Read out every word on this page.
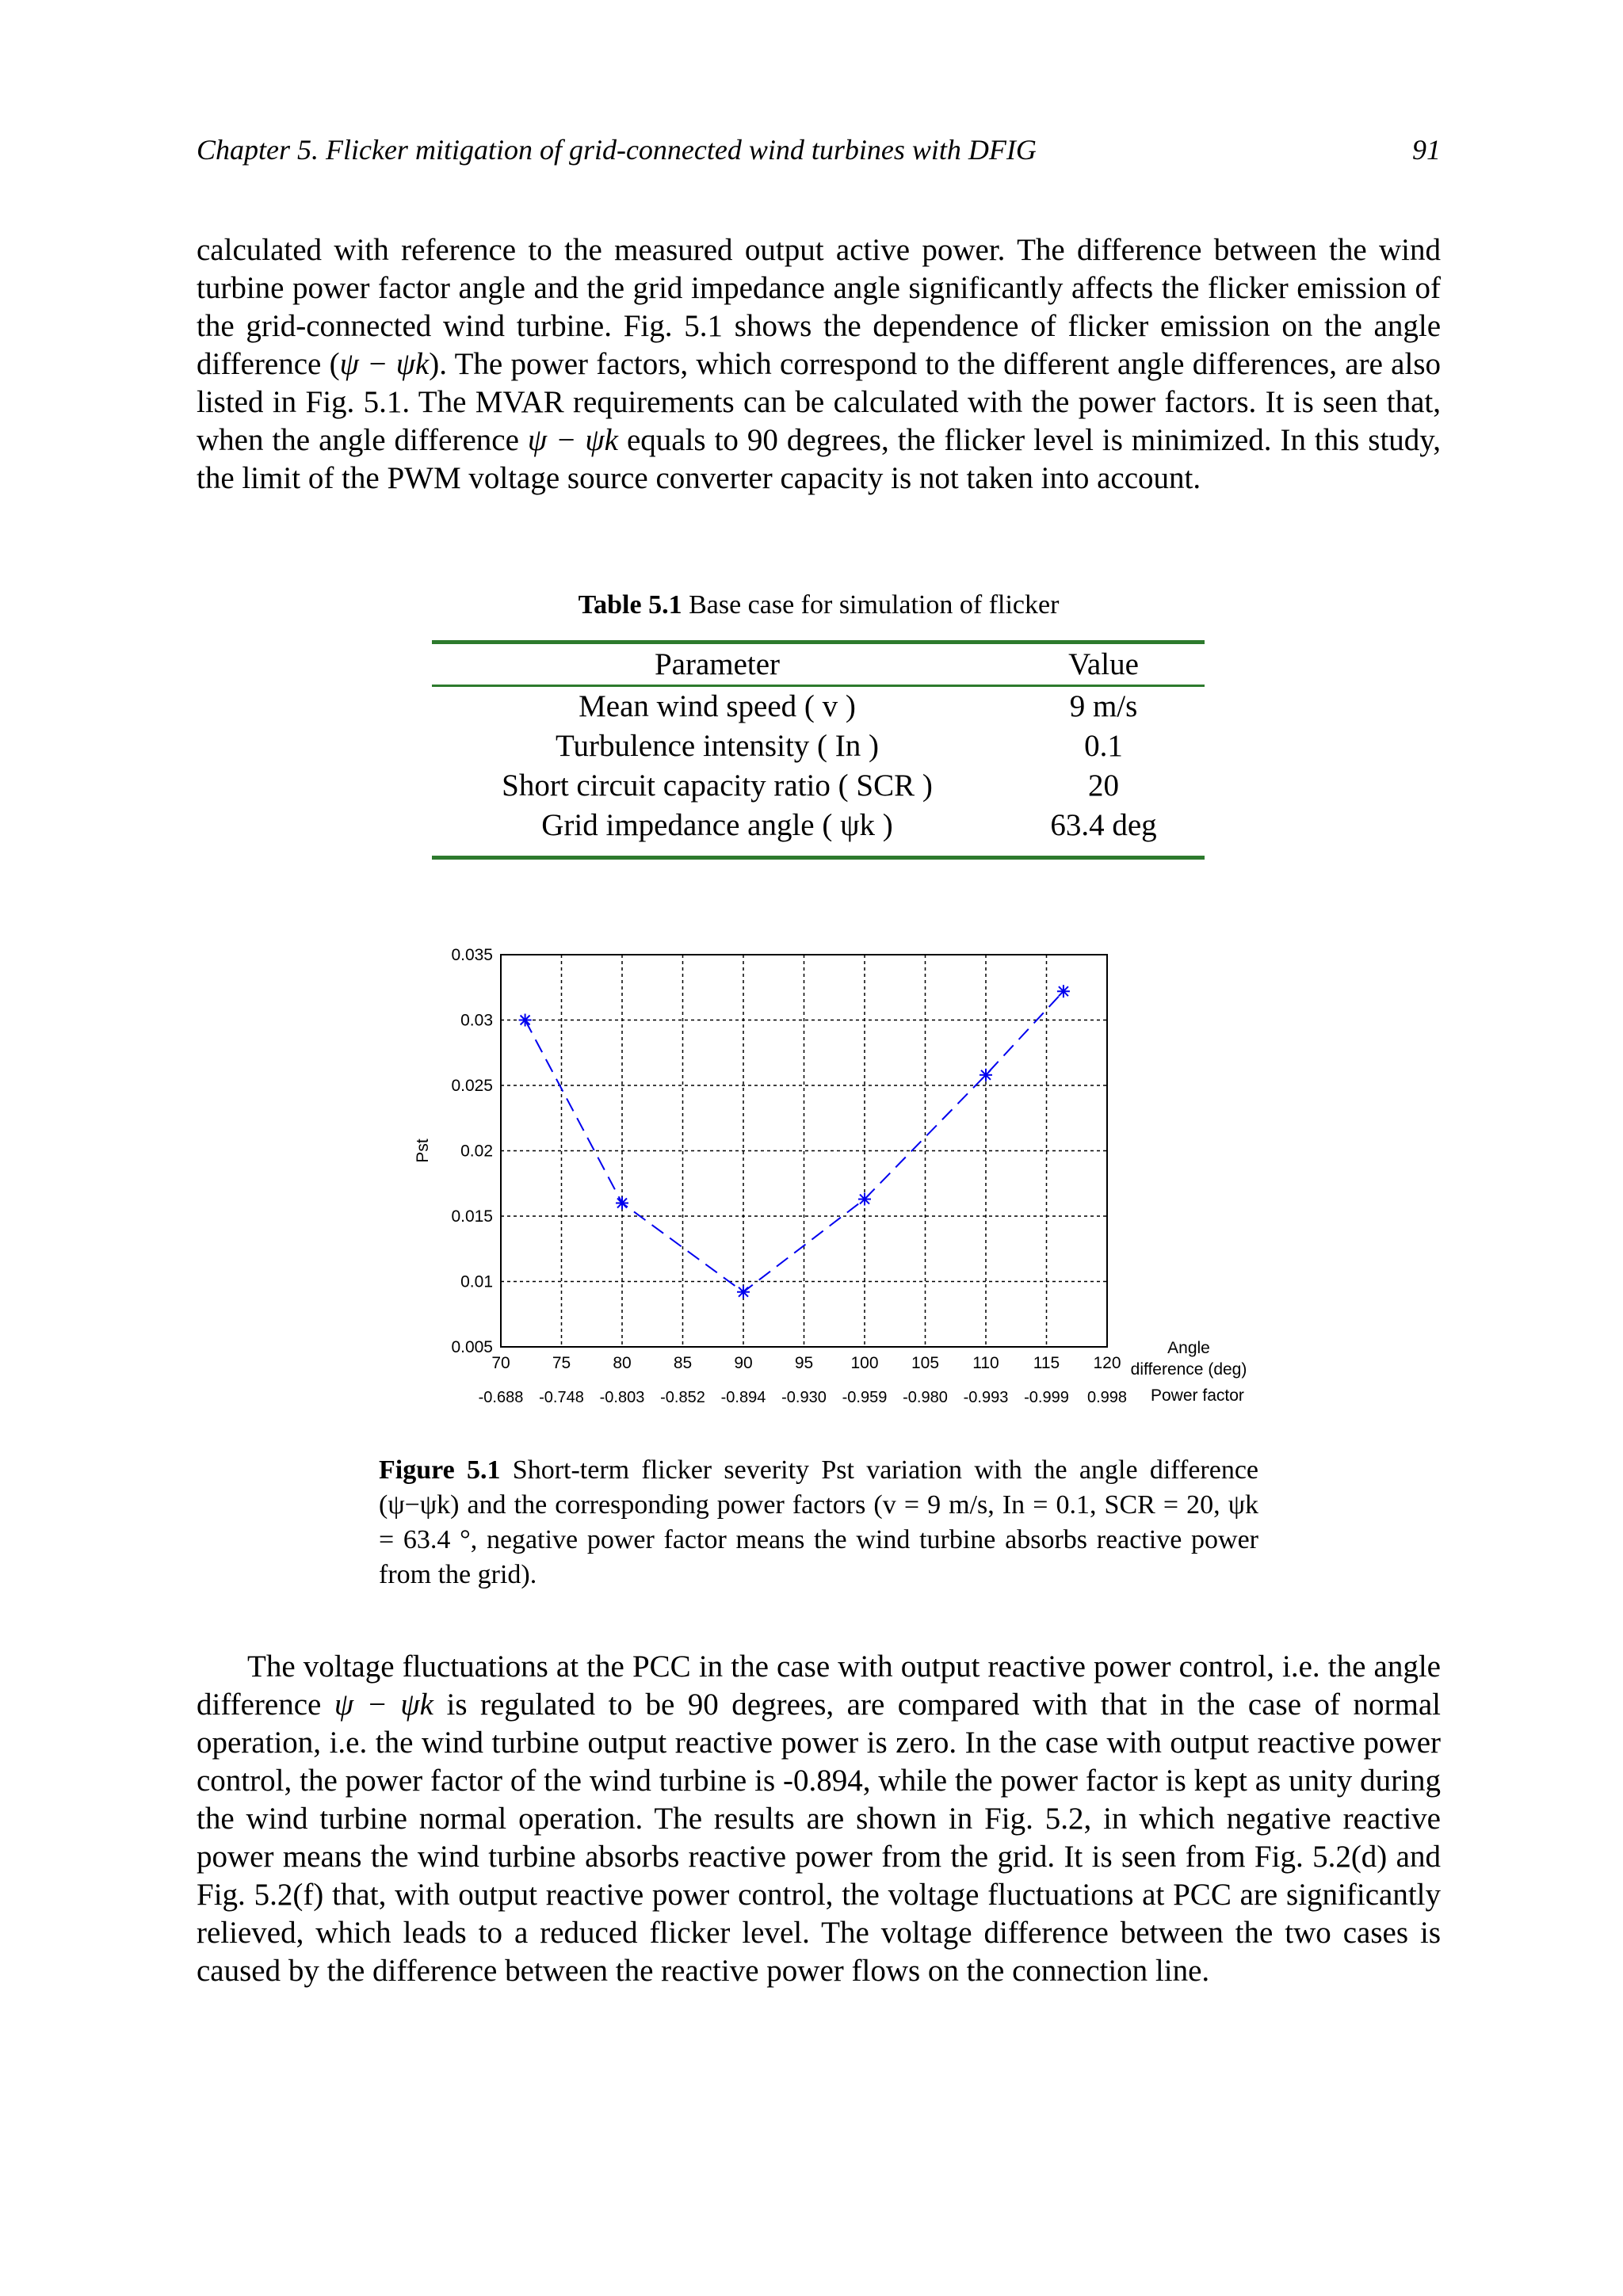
Chapter 5. Flicker mitigation of grid-connected wind turbines with DFIG	91

calculated with reference to the measured output active power. The difference between the wind turbine power factor angle and the grid impedance angle significantly affects the flicker emission of the grid-connected wind turbine. Fig. 5.1 shows the dependence of flicker emission on the angle difference (ψ − ψk). The power factors, which correspond to the different angle differences, are also listed in Fig. 5.1. The MVAR requirements can be calculated with the power factors. It is seen that, when the angle difference ψ − ψk equals to 90 degrees, the flicker level is minimized. In this study, the limit of the PWM voltage source converter capacity is not taken into account.

Table 5.1 Base case for simulation of flicker
Parameter	Value
Mean wind speed ( v )	9 m/s
Turbulence intensity ( In )	0.1
Short circuit capacity ratio ( SCR )	20
Grid impedance angle ( ψk )	63.4 deg
0.035
0.03
0.025
0.02
0.015
0.01
0.005
70	75	80	85	90	95 100 105 110 115 120
-0.688 -0.748 -0.803 -0.852 -0.894 -0.930 -0.959 -0.980 -0.993 -0.999 0.998
Pst
Angle
difference (deg)
Power factor
Figure 5.1 Short-term flicker severity Pst variation with the angle difference (ψ−ψk) and the corresponding power factors (v = 9 m/s, In = 0.1, SCR = 20, ψk = 63.4 °, negative power factor means the wind turbine absorbs reactive power from the grid).

The voltage fluctuations at the PCC in the case with output reactive power control, i.e. the angle difference ψ − ψk is regulated to be 90 degrees, are compared with that in the case of normal operation, i.e. the wind turbine output reactive power is zero. In the case with output reactive power control, the power factor of the wind turbine is -0.894, while the power factor is kept as unity during the wind turbine normal operation. The results are shown in Fig. 5.2, in which negative reactive power means the wind turbine absorbs reactive power from the grid. It is seen from Fig. 5.2(d) and Fig. 5.2(f) that, with output reactive power control, the voltage fluctuations at PCC are significantly relieved, which leads to a reduced flicker level. The voltage difference between the two cases is caused by the difference between the reactive power flows on the connection line.
